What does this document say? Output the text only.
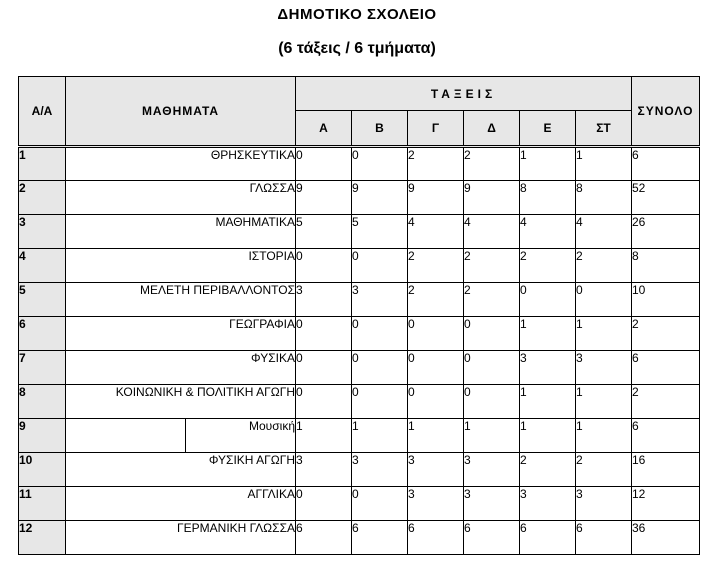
ΔΗΜΟΤΙΚΟ ΣΧΟΛΕΙΟ
(6 τάξεις / 6 τμήματα)
Α/Α	ΜΑΘΗΜΑΤΑ		ΤΑΞΕΙΣ						ΣΥΝΟΛΟ
			Α	Β	Γ	Δ	Ε	ΣΤ	
1	ΘΡΗΣΚΕΥΤΙΚΑ		0	0	2	2	1	1	6
2	ΓΛΩΣΣΑ		9	9	9	9	8	8	52
3	ΜΑΘΗΜΑΤΙΚΑ		5	5	4	4	4	4	26
4	ΙΣΤΟΡΙΑ		0	0	2	2	2	2	8
5	ΜΕΛΕΤΗ ΠΕΡΙΒΑΛΛΟΝΤΟΣ		3	3	2	2	0	0	10
6	ΓΕΩΓΡΑΦΙΑ		0	0	0	0	1	1	2
7	ΦΥΣΙΚΑ		0	0	0	0	3	3	6
8	ΚΟΙΝΩΝΙΚΗ & ΠΟΛΙΤΙΚΗ ΑΓΩΓΗ		0	0	0	0	1	1	2
9		Μουσική	1	1	1	1	1	1	6
10	ΦΥΣΙΚΗ ΑΓΩΓΗ		3	3	3	3	2	2	16
11	ΑΓΓΛΙΚΑ		0	0	3	3	3	3	12
12	ΓΕΡΜΑΝΙΚΗ ΓΛΩΣΣΑ		6	6	6	6	6	6	36
